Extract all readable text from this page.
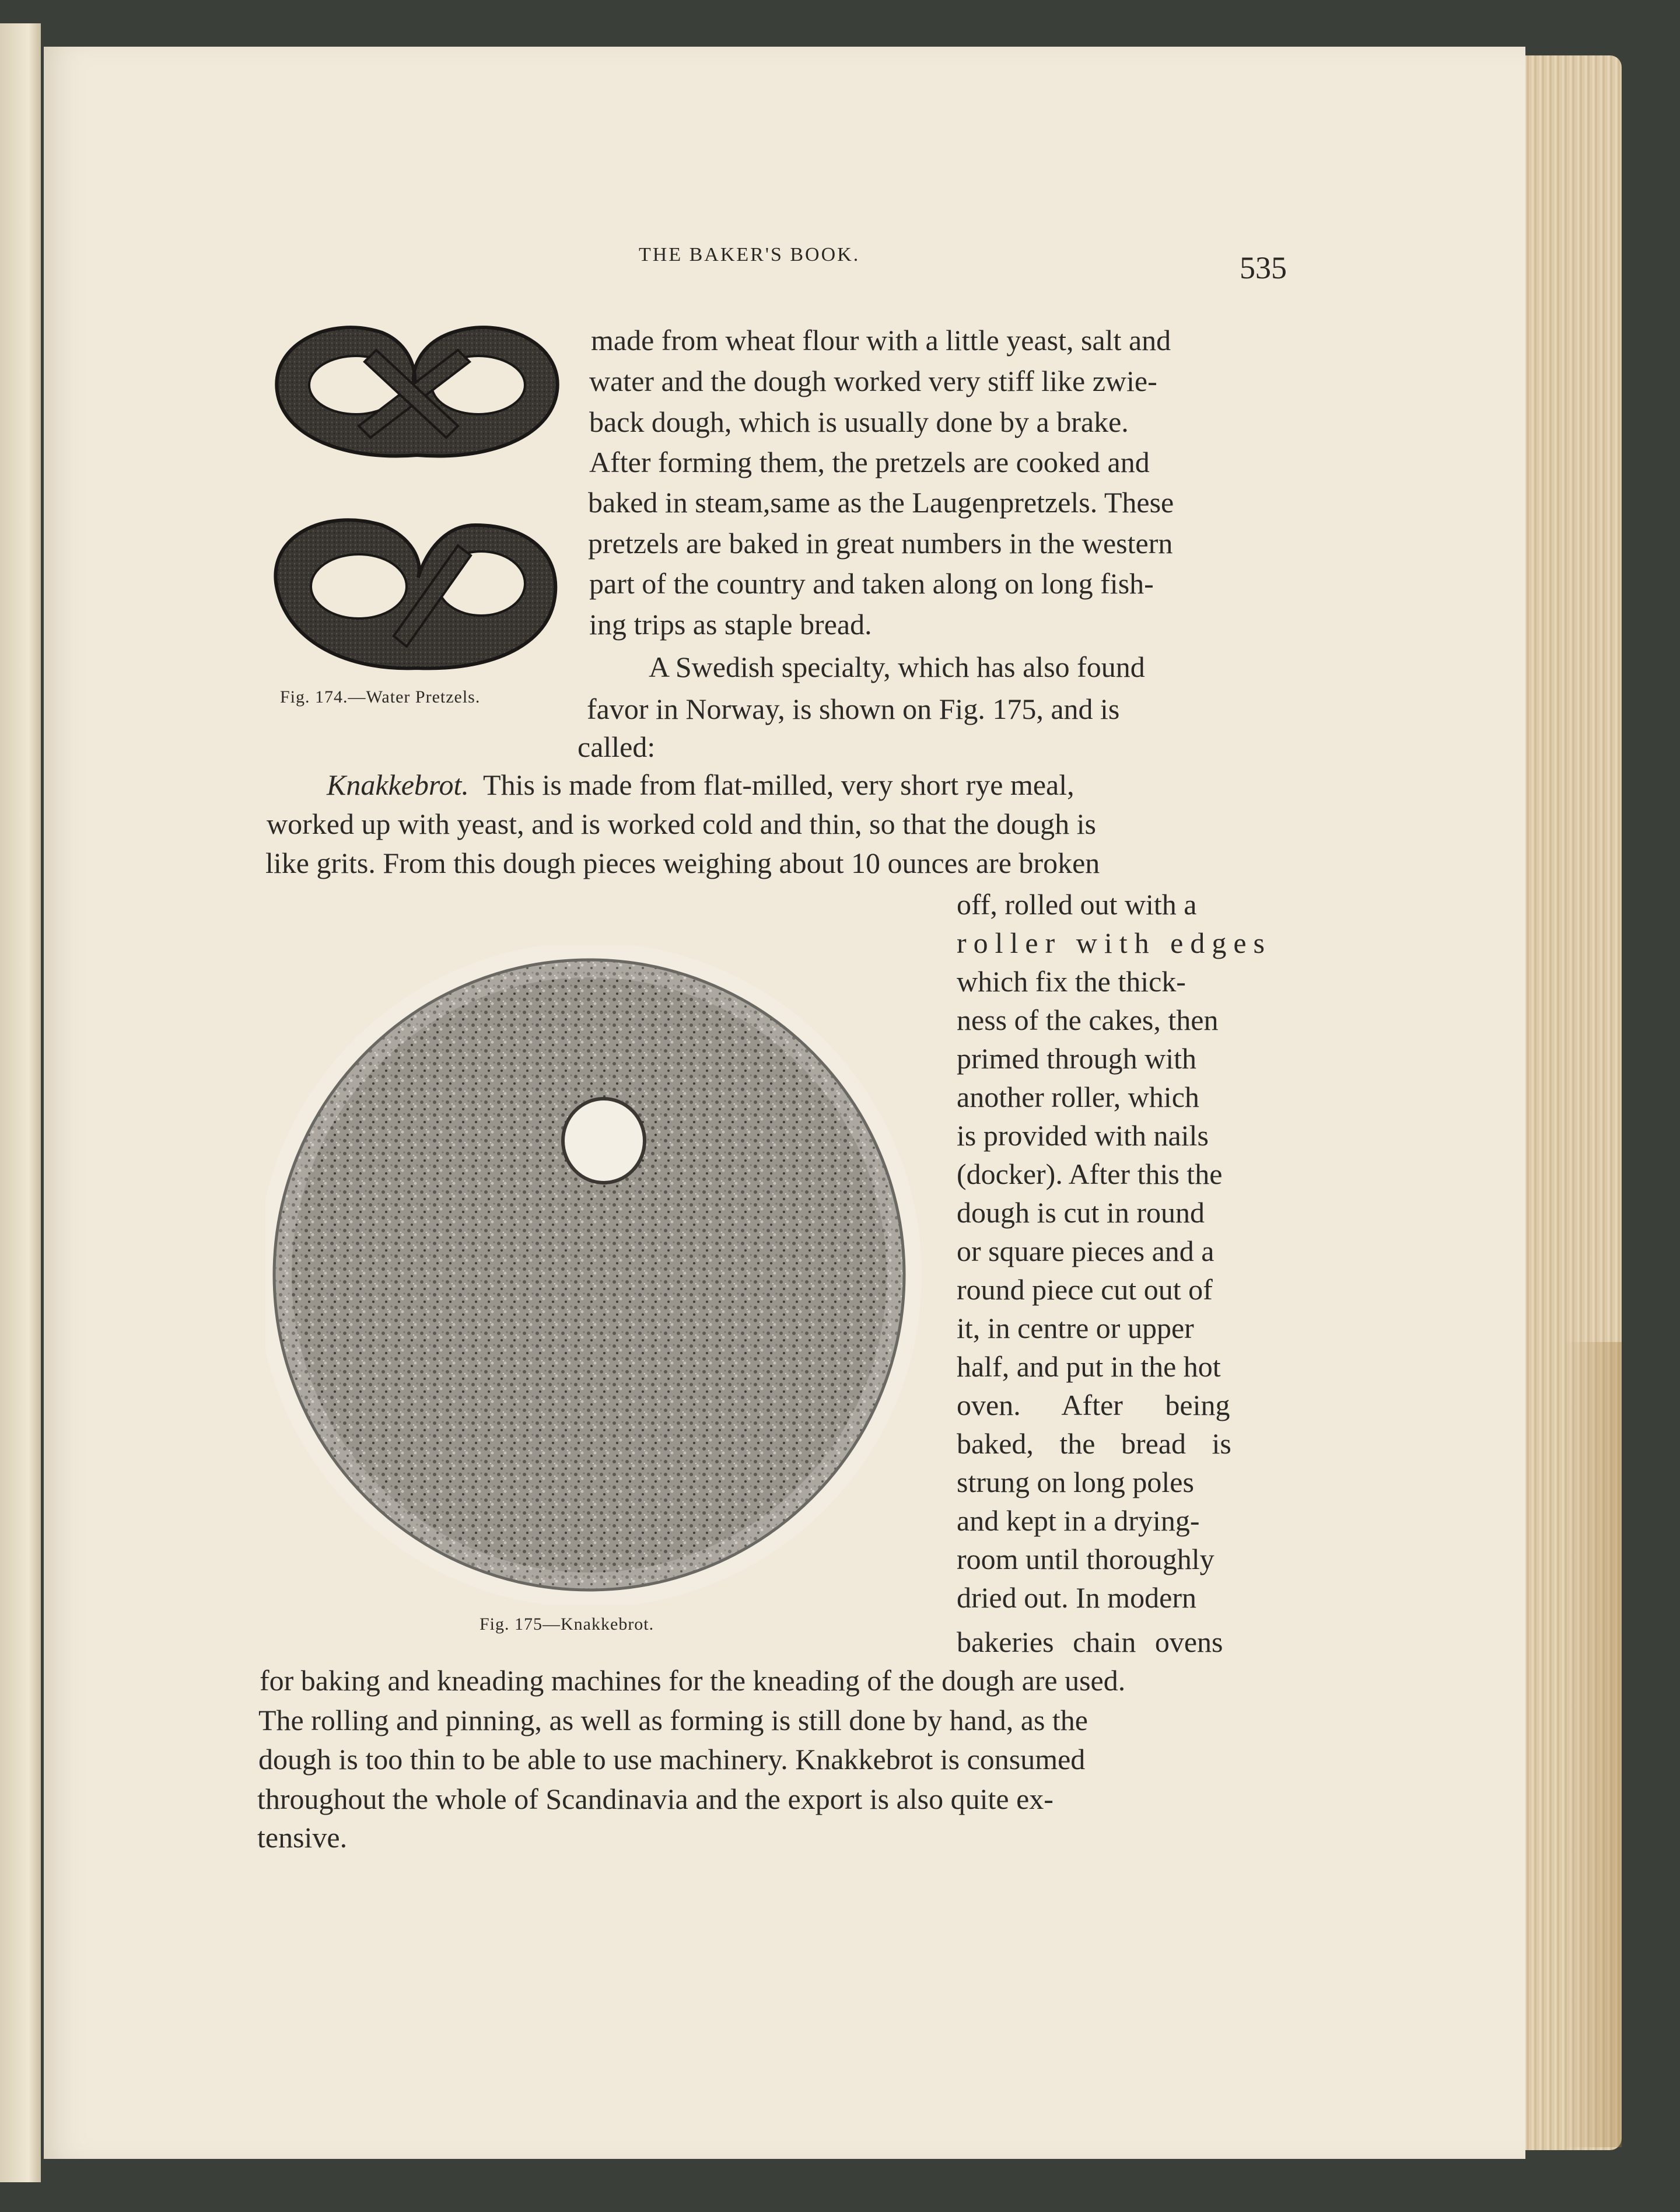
THE BAKER'S BOOK.	535
Fig. 174.—Water Pretzels.
Fig. 175—Knakkebrot.
made from wheat flour with a little yeast, salt and
water and the dough worked very stiff like zwie-
back dough, which is usually done by a brake.
After forming them, the pretzels are cooked and
baked in steam,same as the Laugenpretzels. These
pretzels are baked in great numbers in the western
part of the country and taken along on long fish-
ing trips as staple bread.
A Swedish specialty, which has also found
favor in Norway, is shown on Fig. 175, and is
called:
Knakkebrot. This is made from flat-milled, very short rye meal,
worked up with yeast, and is worked cold and thin, so that the dough is
like grits. From this dough pieces weighing about 10 ounces are broken
off, rolled out with a
roller with edges
which fix the thick-
ness of the cakes, then
primed through with
another roller, which
is provided with nails
(docker). After this the
dough is cut in round
or square pieces and a
round piece cut out of
it, in centre or upper
half, and put in the hot
oven. After being
baked, the bread is
strung on long poles
and kept in a drying-
room until thoroughly
dried out. In modern
bakeries chain ovens
for baking and kneading machines for the kneading of the dough are used.
The rolling and pinning, as well as forming is still done by hand, as the
dough is too thin to be able to use machinery. Knakkebrot is consumed
throughout the whole of Scandinavia and the export is also quite ex-
tensive.
